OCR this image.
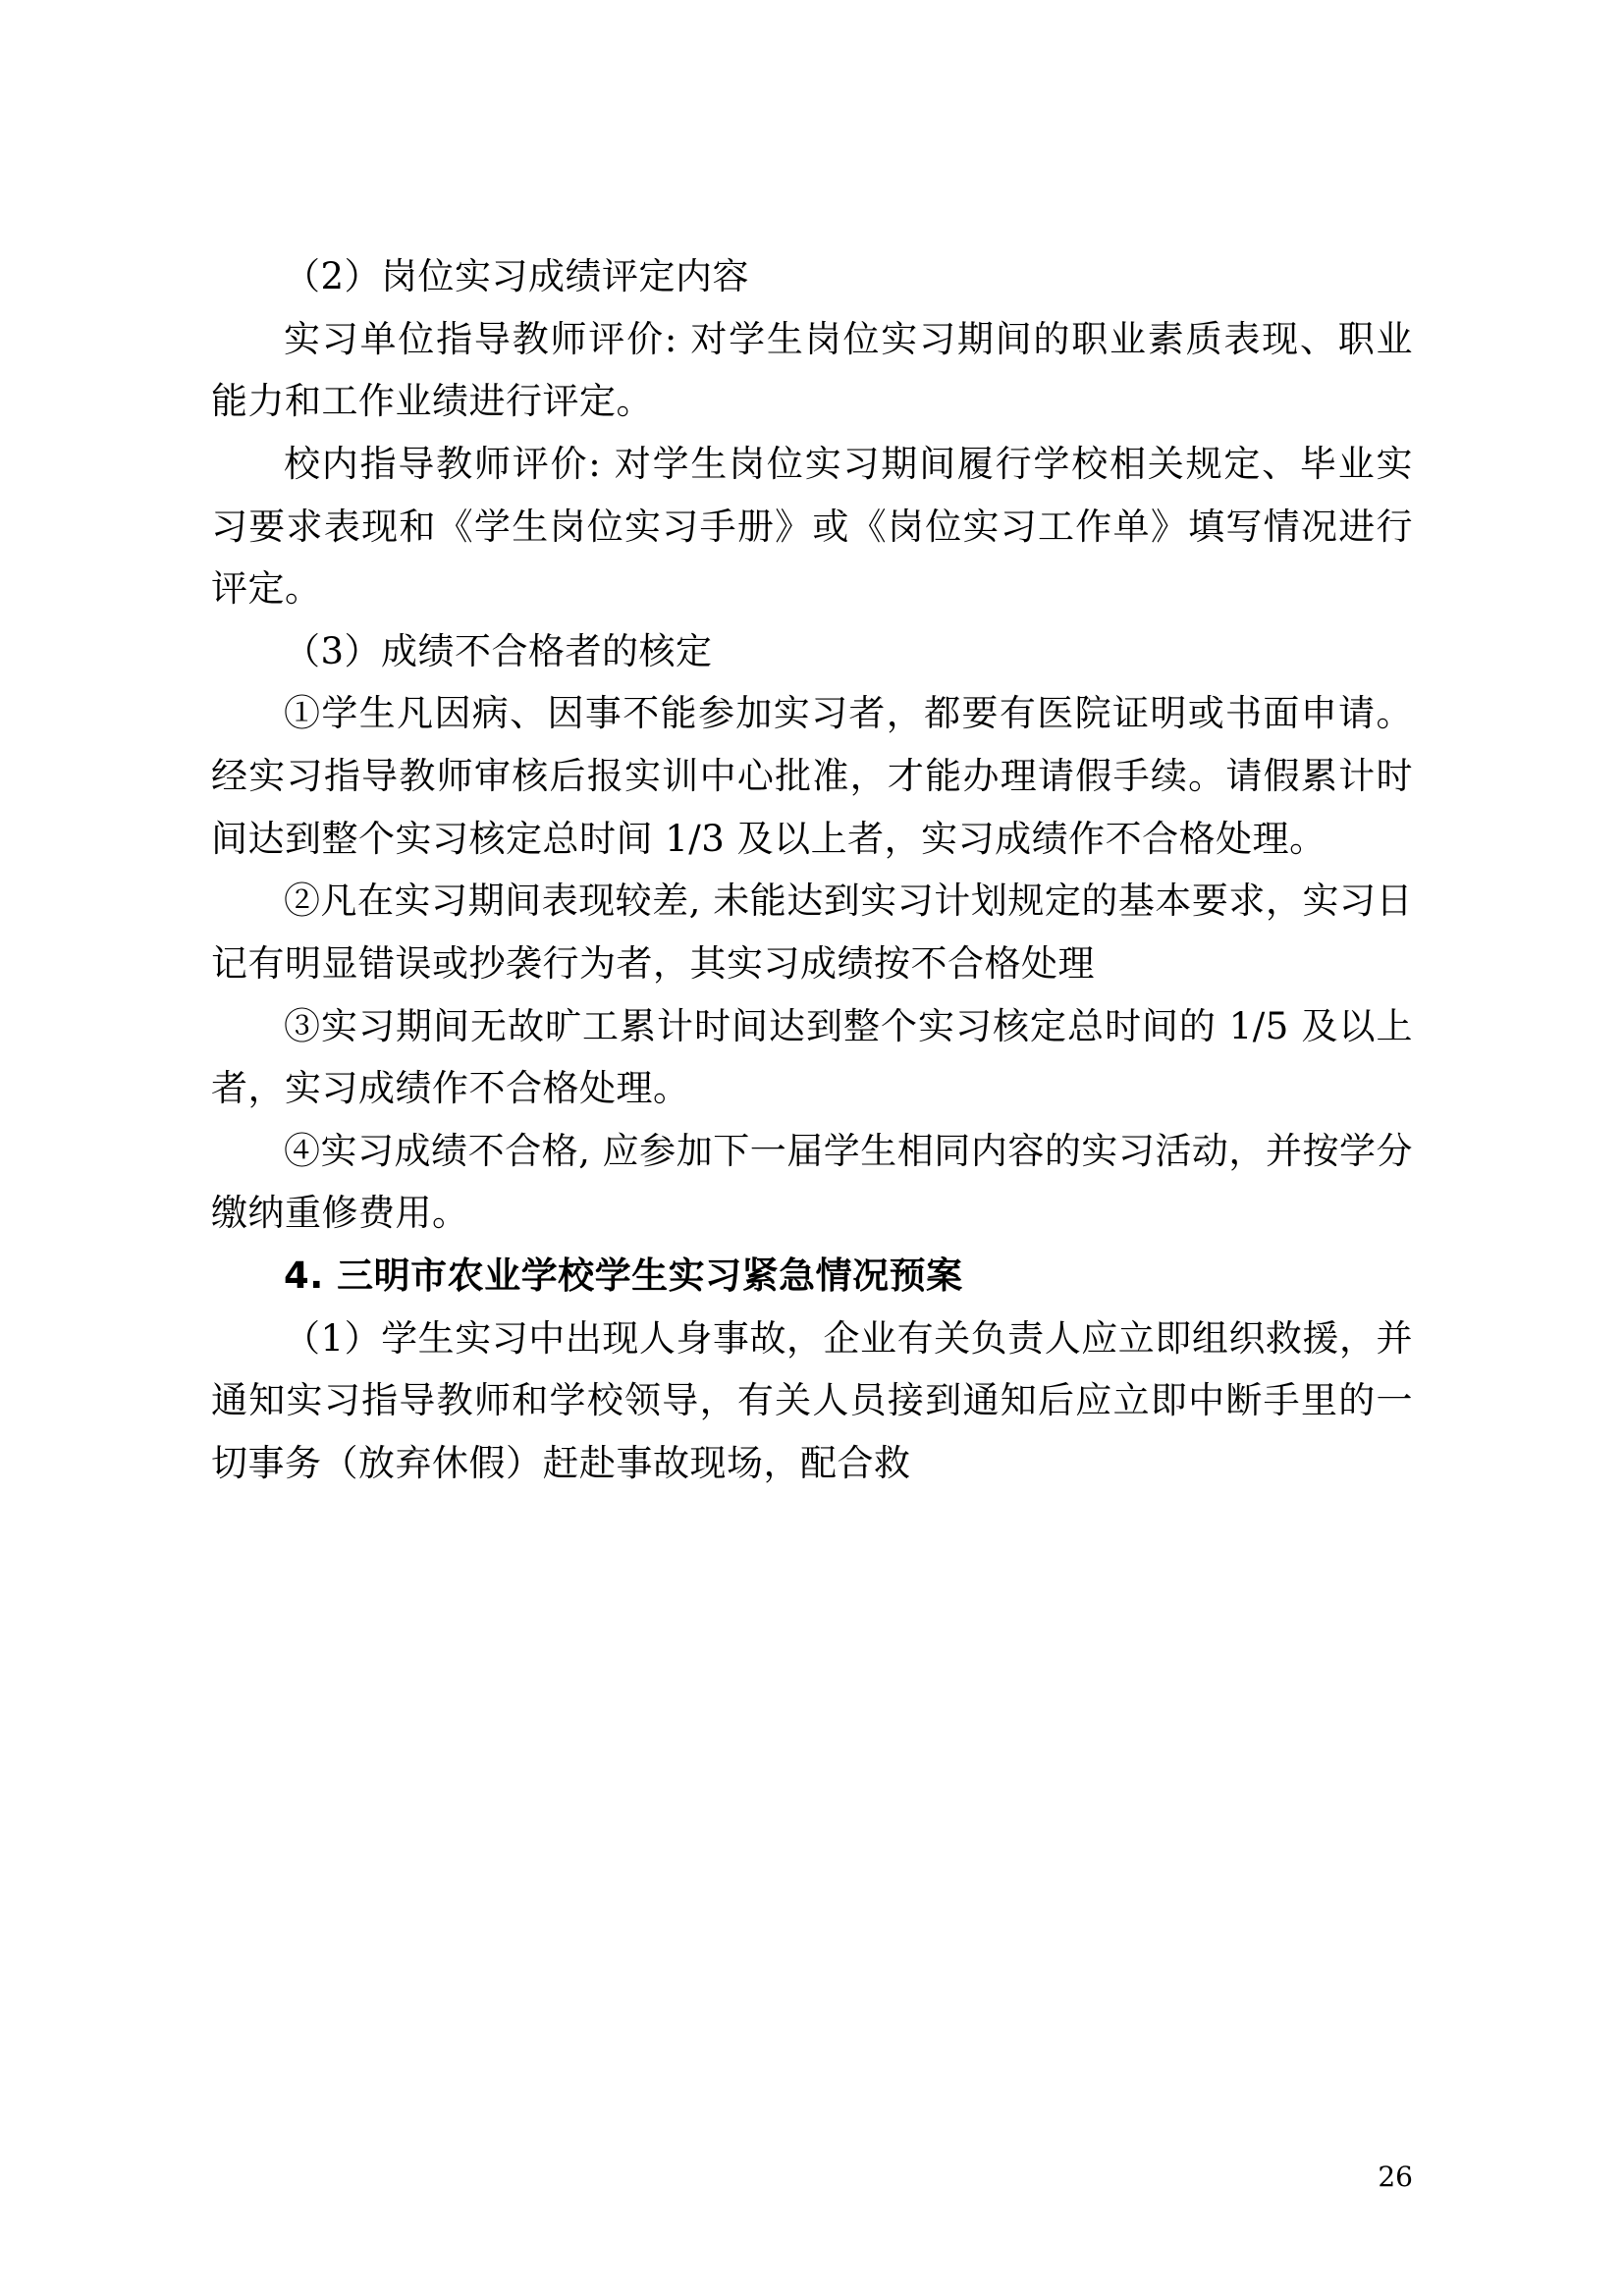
（2）岗位实习成绩评定内容

实习单位指导教师评价: 对学生岗位实习期间的职业素质表现、职业能力和工作业绩进行评定。

校内指导教师评价: 对学生岗位实习期间履行学校相关规定、毕业实习要求表现和《学生岗位实习手册》或《岗位实习工作单》填写情况进行评定。

（3）成绩不合格者的核定

①学生凡因病、因事不能参加实习者，都要有医院证明或书面申请。经实习指导教师审核后报实训中心批准，才能办理请假手续。请假累计时间达到整个实习核定总时间 1/3 及以上者，实习成绩作不合格处理。

②凡在实习期间表现较差, 未能达到实习计划规定的基本要求，实习日记有明显错误或抄袭行为者，其实习成绩按不合格处理

③实习期间无故旷工累计时间达到整个实习核定总时间的 1/5 及以上者，实习成绩作不合格处理。

④实习成绩不合格, 应参加下一届学生相同内容的实习活动，并按学分缴纳重修费用。

4. 三明市农业学校学生实习紧急情况预案

（1）学生实习中出现人身事故，企业有关负责人应立即组织救援，并通知实习指导教师和学校领导，有关人员接到通知后应立即中断手里的一切事务（放弃休假）赶赴事故现场，配合救

26
